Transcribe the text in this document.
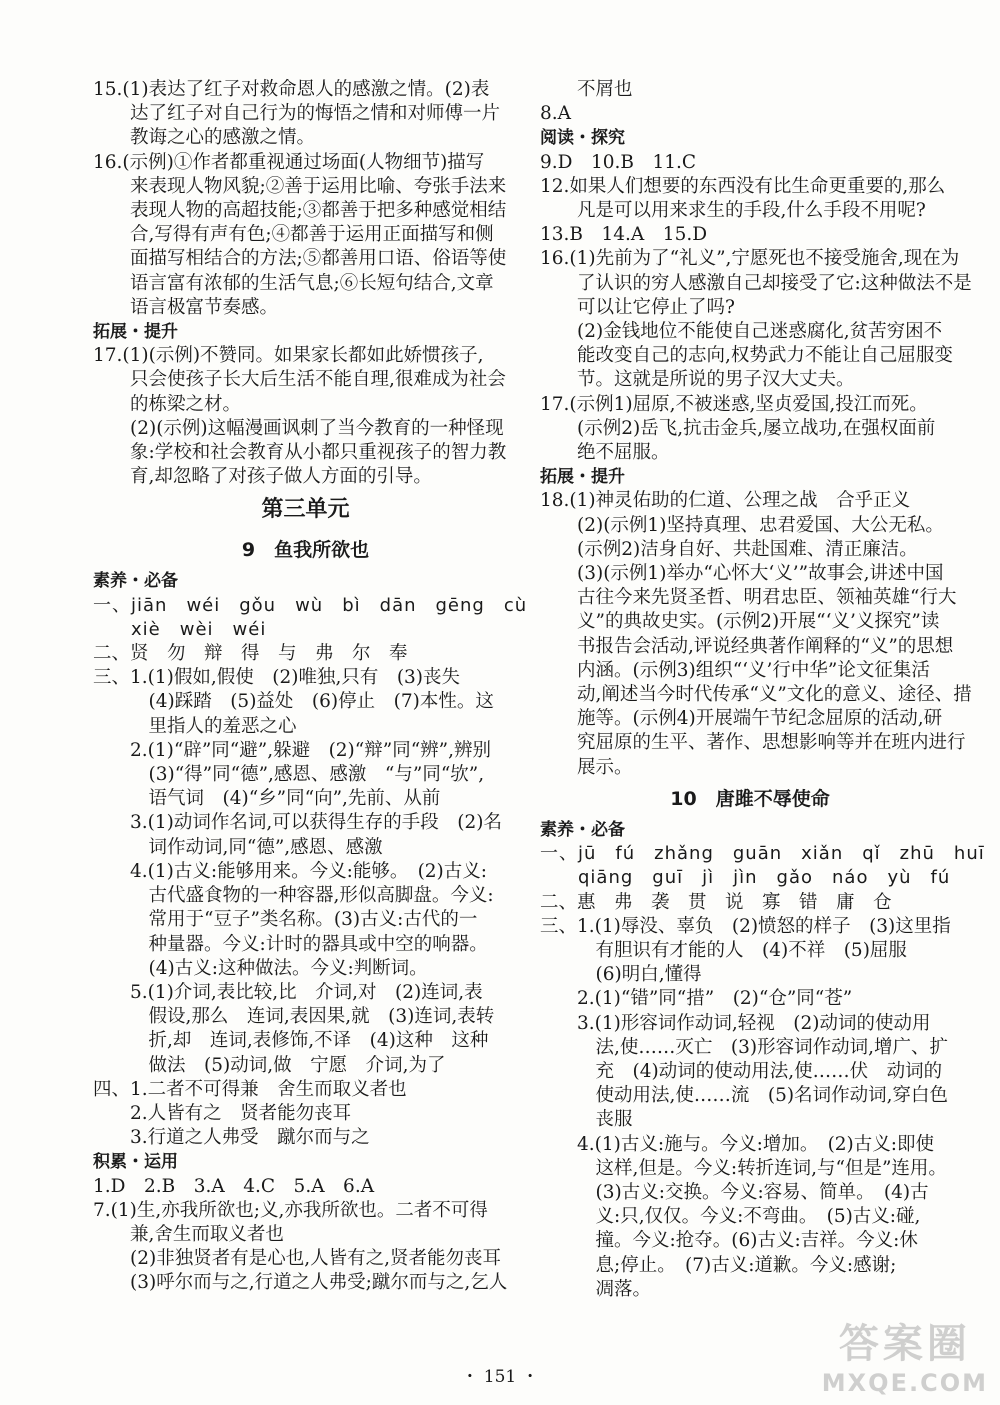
15.(1)表达了红子对救命恩人的感激之情。(2)表
　　达了红子对自己行为的悔悟之情和对师傅一片
　　教诲之心的感激之情。
16.(示例)①作者都重视通过场面(人物细节)描写
　　来表现人物风貌;②善于运用比喻、夸张手法来
　　表现人物的高超技能;③都善于把多种感觉相结
　　合,写得有声有色;④都善于运用正面描写和侧
　　面描写相结合的方法;⑤都善用口语、俗语等使
　　语言富有浓郁的生活气息;⑥长短句结合,文章
　　语言极富节奏感。
拓展・提升
17.(1)(示例)不赞同。如果家长都如此娇惯孩子,
　　只会使孩子长大后生活不能自理,很难成为社会
　　的栋梁之材。
　　(2)(示例)这幅漫画讽刺了当今教育的一种怪现
　　象:学校和社会教育从小都只重视孩子的智力教
　　育,却忽略了对孩子做人方面的引导。
第三单元
9　鱼我所欲也
素养・必备
一、jiān　wéi　gǒu　wù　bì　dān　gēng　cù
　　xiè　wèi　wéi
二、贤　勿　辩　得　与　弗　尔　奉
三、1.(1)假如,假使　(2)唯独,只有　(3)丧失
　　　(4)踩踏　(5)益处　(6)停止　(7)本性。这
　　　里指人的羞恶之心
　　2.(1)“辟”同“避”,躲避　(2)“辩”同“辨”,辨别
　　　(3)“得”同“德”,感恩、感激　“与”同“欤”,
　　　语气词　(4)“乡”同“向”,先前、从前
　　3.(1)动词作名词,可以获得生存的手段　(2)名
　　　词作动词,同“德”,感恩、感激
　　4.(1)古义:能够用来。今义:能够。　(2)古义:
　　　古代盛食物的一种容器,形似高脚盘。今义:
　　　常用于“豆子”类名称。(3)古义:古代的一
　　　种量器。今义:计时的器具或中空的响器。
　　　(4)古义:这种做法。今义:判断词。
　　5.(1)介词,表比较,比　介词,对　(2)连词,表
　　　假设,那么　连词,表因果,就　(3)连词,表转
　　　折,却　连词,表修饰,不译　(4)这种　这种
　　　做法　(5)动词,做　宁愿　介词,为了
四、1.二者不可得兼　舍生而取义者也
　　2.人皆有之　贤者能勿丧耳
　　3.行道之人弗受　蹴尔而与之
积累・运用
1.D　2.B　3.A　4.C　5.A　6.A
7.(1)生,亦我所欲也;义,亦我所欲也。二者不可得
　　兼,舍生而取义者也
　　(2)非独贤者有是心也,人皆有之,贤者能勿丧耳
　　(3)呼尔而与之,行道之人弗受;蹴尔而与之,乞人
　　不屑也
8.A
阅读・探究
9.D　10.B　11.C
12.如果人们想要的东西没有比生命更重要的,那么
　　凡是可以用来求生的手段,什么手段不用呢?
13.B　14.A　15.D
16.(1)先前为了“礼义”,宁愿死也不接受施舍,现在为
　　了认识的穷人感激自己却接受了它:这种做法不是
　　可以让它停止了吗?
　　(2)金钱地位不能使自己迷惑腐化,贫苦穷困不
　　能改变自己的志向,权势武力不能让自己屈服变
　　节。这就是所说的男子汉大丈夫。
17.(示例1)屈原,不被迷惑,坚贞爱国,投江而死。
　　(示例2)岳飞,抗击金兵,屡立战功,在强权面前
　　绝不屈服。
拓展・提升
18.(1)神灵佑助的仁道、公理之战　合乎正义
　　(2)(示例1)坚持真理、忠君爱国、大公无私。
　　(示例2)洁身自好、共赴国难、清正廉洁。
　　(3)(示例1)举办“心怀大‘义’”故事会,讲述中国
　　古往今来先贤圣哲、明君忠臣、领袖英雄“行大
　　义”的典故史实。(示例2)开展“‘义’义探究”读
　　书报告会活动,评说经典著作阐释的“义”的思想
　　内涵。(示例3)组织“‘义’行中华”论文征集活
　　动,阐述当今时代传承“义”文化的意义、途径、措
　　施等。(示例4)开展端午节纪念屈原的活动,研
　　究屈原的生平、著作、思想影响等并在班内进行
　　展示。
10　唐雎不辱使命
素养・必备
一、jū　fú　zhǎng　guān　xiǎn　qǐ　zhū　huī
　　qiāng　guī　jì　jìn　gǎo　náo　yù　fú
二、惠　弗　袭　贯　说　寡　错　庸　仓
三、1.(1)辱没、辜负　(2)愤怒的样子　(3)这里指
　　　有胆识有才能的人　(4)不祥　(5)屈服
　　　(6)明白,懂得
　　2.(1)“错”同“措”　(2)“仓”同“苍”
　　3.(1)形容词作动词,轻视　(2)动词的使动用
　　　法,使……灭亡　(3)形容词作动词,增广、扩
　　　充　(4)动词的使动用法,使……伏　动词的
　　　使动用法,使……流　(5)名词作动词,穿白色
　　　丧服
　　4.(1)古义:施与。今义:增加。　(2)古义:即使
　　　这样,但是。今义:转折连词,与“但是”连用。
　　　(3)古义:交换。今义:容易、简单。　(4)古
　　　义:只,仅仅。今义:不弯曲。　(5)古义:碰,
　　　撞。今义:抢夺。(6)古义:吉祥。今义:休
　　　息;停止。　(7)古义:道歉。今义:感谢;
　　　凋落。
・ 151 ・
答案圈
MXQE.COM
